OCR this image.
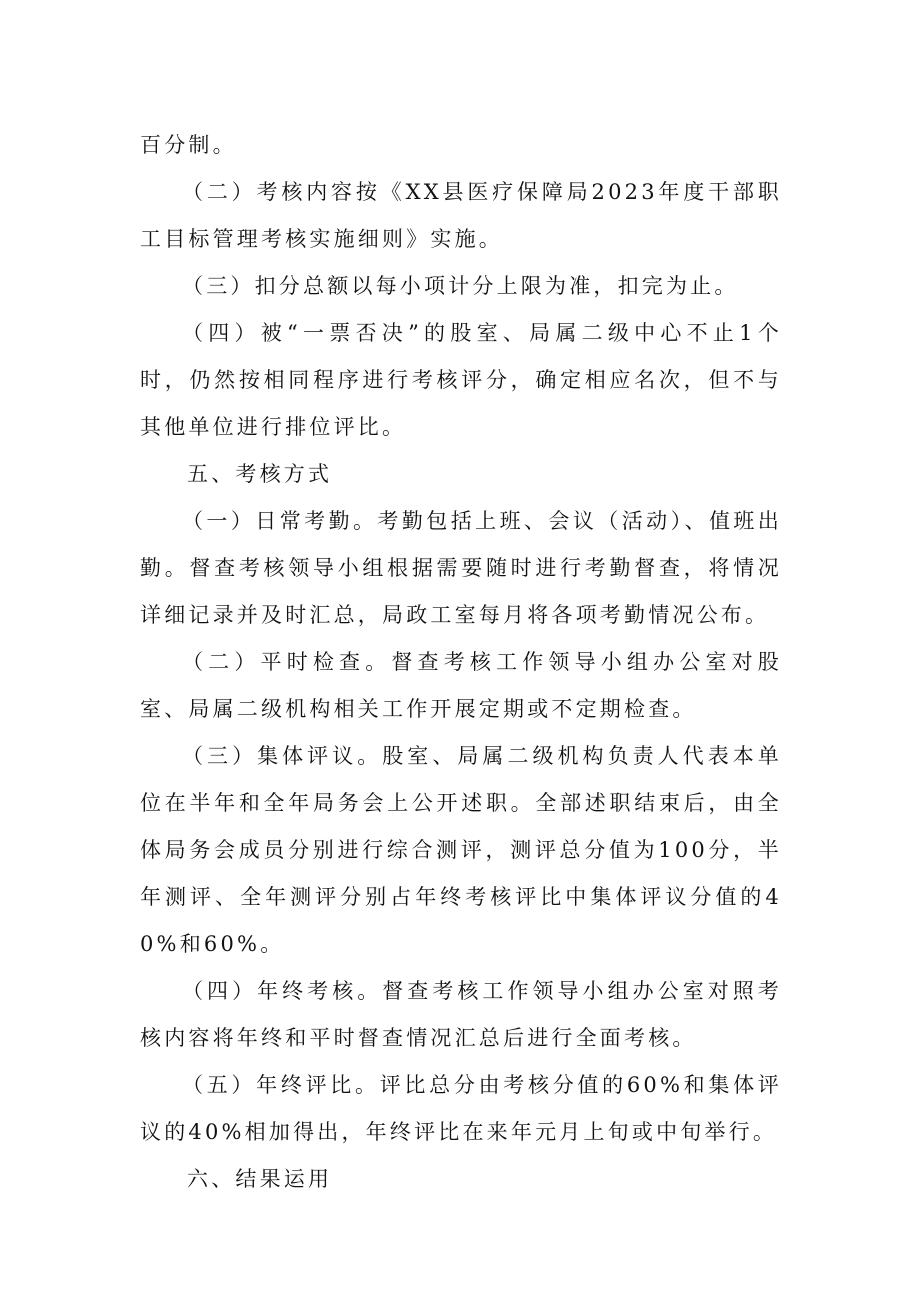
百分制。

（二）考核内容按《XX县医疗保障局2023年度干部职工目标管理考核实施细则》实施。

（三）扣分总额以每小项计分上限为准，扣完为止。

（四）被“一票否决”的股室、局属二级中心不止1个时，仍然按相同程序进行考核评分，确定相应名次，但不与其他单位进行排位评比。

五、考核方式

（一）日常考勤。考勤包括上班、会议（活动）、值班出勤。督查考核领导小组根据需要随时进行考勤督查，将情况详细记录并及时汇总，局政工室每月将各项考勤情况公布。

（二）平时检查。督查考核工作领导小组办公室对股室、局属二级机构相关工作开展定期或不定期检查。

（三）集体评议。股室、局属二级机构负责人代表本单位在半年和全年局务会上公开述职。全部述职结束后，由全体局务会成员分别进行综合测评，测评总分值为100分，半年测评、全年测评分别占年终考核评比中集体评议分值的40%和60%。

（四）年终考核。督查考核工作领导小组办公室对照考核内容将年终和平时督查情况汇总后进行全面考核。

（五）年终评比。评比总分由考核分值的60%和集体评议的40%相加得出，年终评比在来年元月上旬或中旬举行。

六、结果运用
